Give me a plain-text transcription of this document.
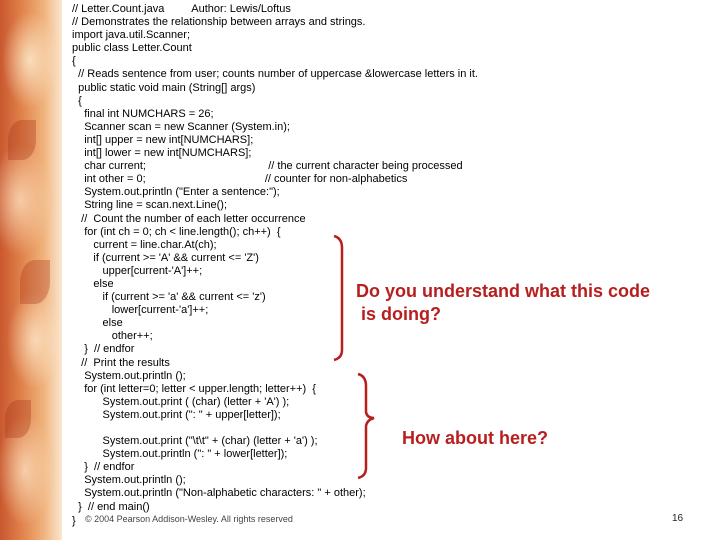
// Letter.Count.java         Author: Lewis/Loftus
// Demonstrates the relationship between arrays and strings.
import java.util.Scanner;
public class Letter.Count
{
// Reads sentence from user; counts number of uppercase &lowercase letters in it.
public static void main (String[] args)
{
final int NUMCHARS = 26;
Scanner scan = new Scanner (System.in);
int[] upper = new int[NUMCHARS];
int[] lower = new int[NUMCHARS];
char current;                                        // the current character being processed
int other = 0;                                       // counter for non-alphabetics
System.out.println ("Enter a sentence:");
String line = scan.next.Line();
//  Count the number of each letter occurrence
for (int ch = 0; ch < line.length(); ch++)  {
current = line.char.At(ch);
if (current >= 'A' && current <= 'Z')
upper[current-'A']++;
else
if (current >= 'a' && current <= 'z')
lower[current-'a']++;
else
other++;
}  // endfor
//  Print the results
System.out.println ();
for (int letter=0; letter < upper.length; letter++)  {
System.out.print ( (char) (letter + 'A') );
System.out.print (": " + upper[letter]);

System.out.print ("\t\t" + (char) (letter + 'a') );
System.out.println (": " + lower[letter]);
}  // endfor
System.out.println ();
System.out.println ("Non-alphabetic characters: " + other);
}  // end main()
}
Do you understand what this code
is doing?
How about here?
© 2004 Pearson Addison-Wesley. All rights reserved	16
